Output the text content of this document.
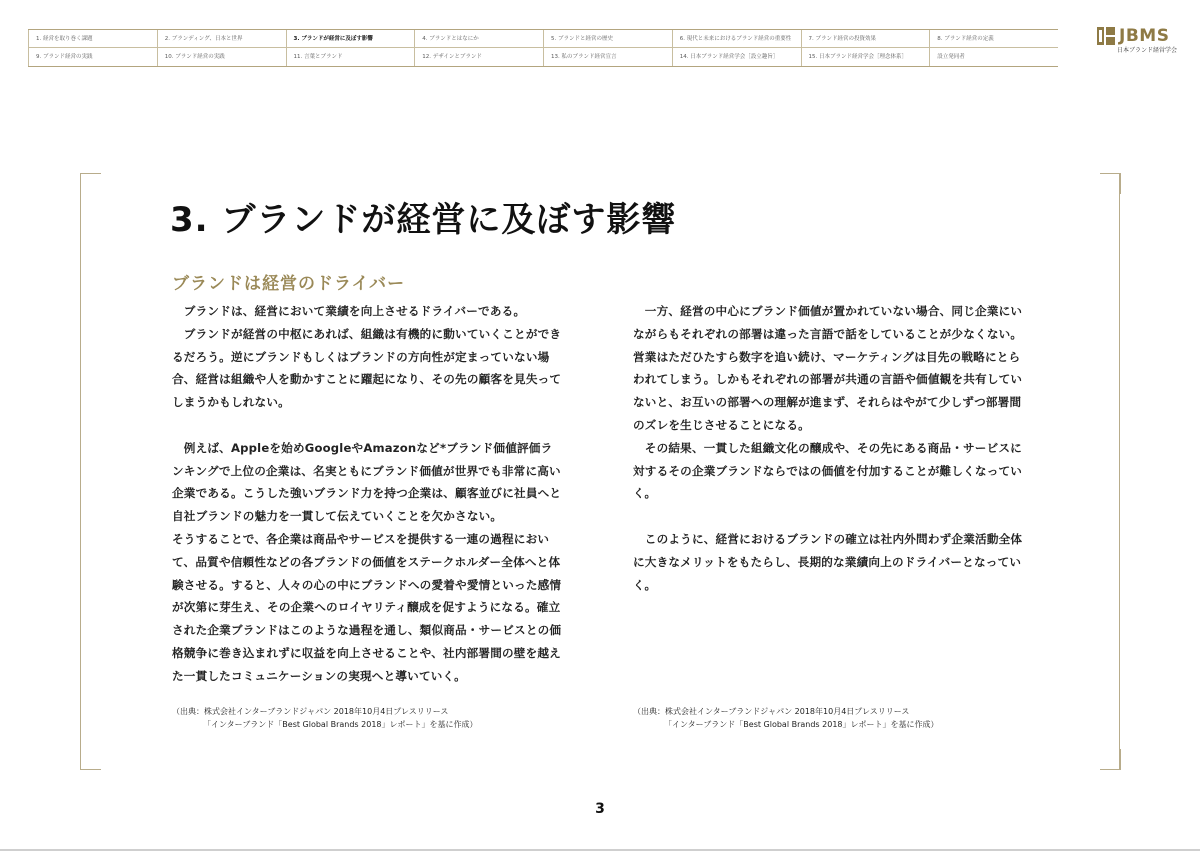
1. 経営を取り巻く課題	2. ブランディング、日本と世界	3. ブランドが経営に及ぼす影響	4. ブランドとはなにか	5. ブランドと経営の歴史	6. 現代と未来におけるブランド経営の重要性	7. ブランド経営の投資効果	8. ブランド経営の定義
9. ブランド経営の実践	10. ブランド経営の実践	11. 言葉とブランド	12. デザインとブランド	13. 私のブランド経営宣言	14. 日本ブランド経営学会［設立趣旨］	15. 日本ブランド経営学会［理念体系］	設立発同者
JBMS
日本ブランド経営学会
3. ブランドが経営に及ぼす影響
ブランドは経営のドライバー

　ブランドは、経営において業績を向上させるドライバーである。

　ブランドが経営の中枢にあれば、組織は有機的に動いていくことができるだろう。逆にブランドもしくはブランドの方向性が定まっていない場合、経営は組織や人を動かすことに躍起になり、その先の顧客を見失ってしまうかもしれない。

　例えば、Appleを始めGoogleやAmazonなど*ブランド価値評価ランキングで上位の企業は、名実ともにブランド価値が世界でも非常に高い企業である。こうした強いブランド力を持つ企業は、顧客並びに社員へと自社ブランドの魅力を一貫して伝えていくことを欠かさない。

そうすることで、各企業は商品やサービスを提供する一連の過程において、品質や信頼性などの各ブランドの価値をステークホルダー全体へと体験させる。すると、人々の心の中にブランドへの愛着や愛情といった感情が次第に芽生え、その企業へのロイヤリティ醸成を促すようになる。確立された企業ブランドはこのような過程を通し、類似商品・サービスとの価格競争に巻き込まれずに収益を向上させることや、社内部署間の壁を越えた一貫したコミュニケーションの実現へと導いていく。

　一方、経営の中心にブランド価値が置かれていない場合、同じ企業にいながらもそれぞれの部署は違った言語で話をしていることが少なくない。営業はただひたすら数字を追い続け、マーケティングは目先の戦略にとらわれてしまう。しかもそれぞれの部署が共通の言語や価値観を共有していないと、お互いの部署への理解が進まず、それらはやがて少しずつ部署間のズレを生じさせることになる。

　その結果、一貫した組織文化の醸成や、その先にある商品・サービスに対するその企業ブランドならではの価値を付加することが難しくなっていく。

　このように、経営におけるブランドの確立は社内外問わず企業活動全体に大きなメリットをもたらし、長期的な業績向上のドライバーとなっていく。

（出典：株式会社インターブランドジャパン 2018年10月4日プレスリリース
「インターブランド「Best Global Brands 2018」レポート」を基に作成）
（出典：株式会社インターブランドジャパン 2018年10月4日プレスリリース
「インターブランド「Best Global Brands 2018」レポート」を基に作成）
3
